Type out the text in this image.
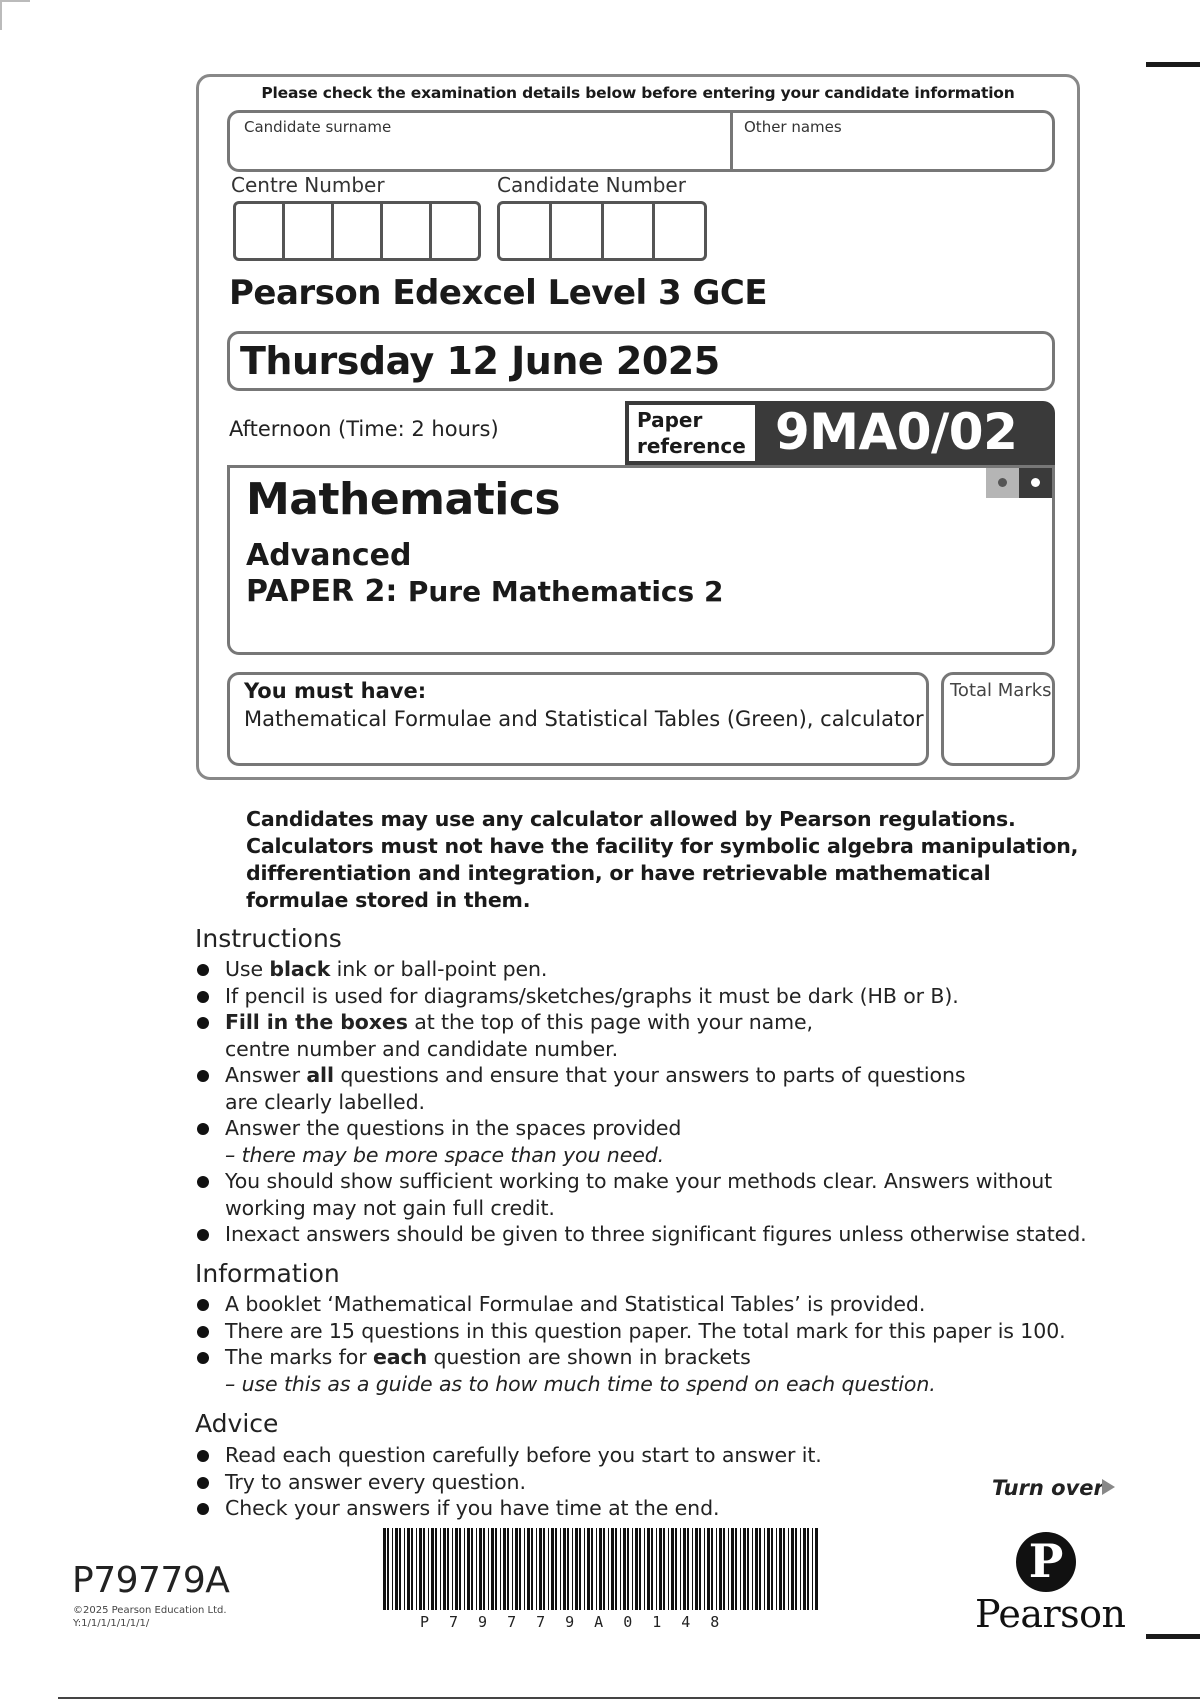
Please check the examination details below before entering your candidate information
Candidate surname	Other names
Centre Number	Candidate Number
Pearson Edexcel Level 3 GCE
Thursday 12 June 2025
Afternoon (Time: 2 hours)	Paper
reference 9MA0/02
Mathematics
Advanced
PAPER 2: Pure Mathematics 2
You must have:
Mathematical Formulae and Statistical Tables (Green), calculator
Total Marks
Candidates may use any calculator allowed by Pearson regulations.
Calculators must not have the facility for symbolic algebra manipulation,
differentiation and integration, or have retrievable mathematical
formulae stored in them.
Instructions
Use black ink or ball-point pen.
If pencil is used for diagrams/sketches/graphs it must be dark (HB or B).
Fill in the boxes at the top of this page with your name,
centre number and candidate number.
Answer all questions and ensure that your answers to parts of questions
are clearly labelled.
Answer the questions in the spaces provided
– there may be more space than you need.
You should show sufficient working to make your methods clear. Answers without
working may not gain full credit.
Inexact answers should be given to three significant figures unless otherwise stated.
Information
A booklet ‘Mathematical Formulae and Statistical Tables’ is provided.
There are 15 questions in this question paper. The total mark for this paper is 100.
The marks for each question are shown in brackets
– use this as a guide as to how much time to spend on each question.
Advice
Read each question carefully before you start to answer it.
Try to answer every question.
Check your answers if you have time at the end.
Turn over
P79779A
©2025 Pearson Education Ltd.
Y:1/1/1/1/1/1/1/	P79779A0148
P
Pearson
